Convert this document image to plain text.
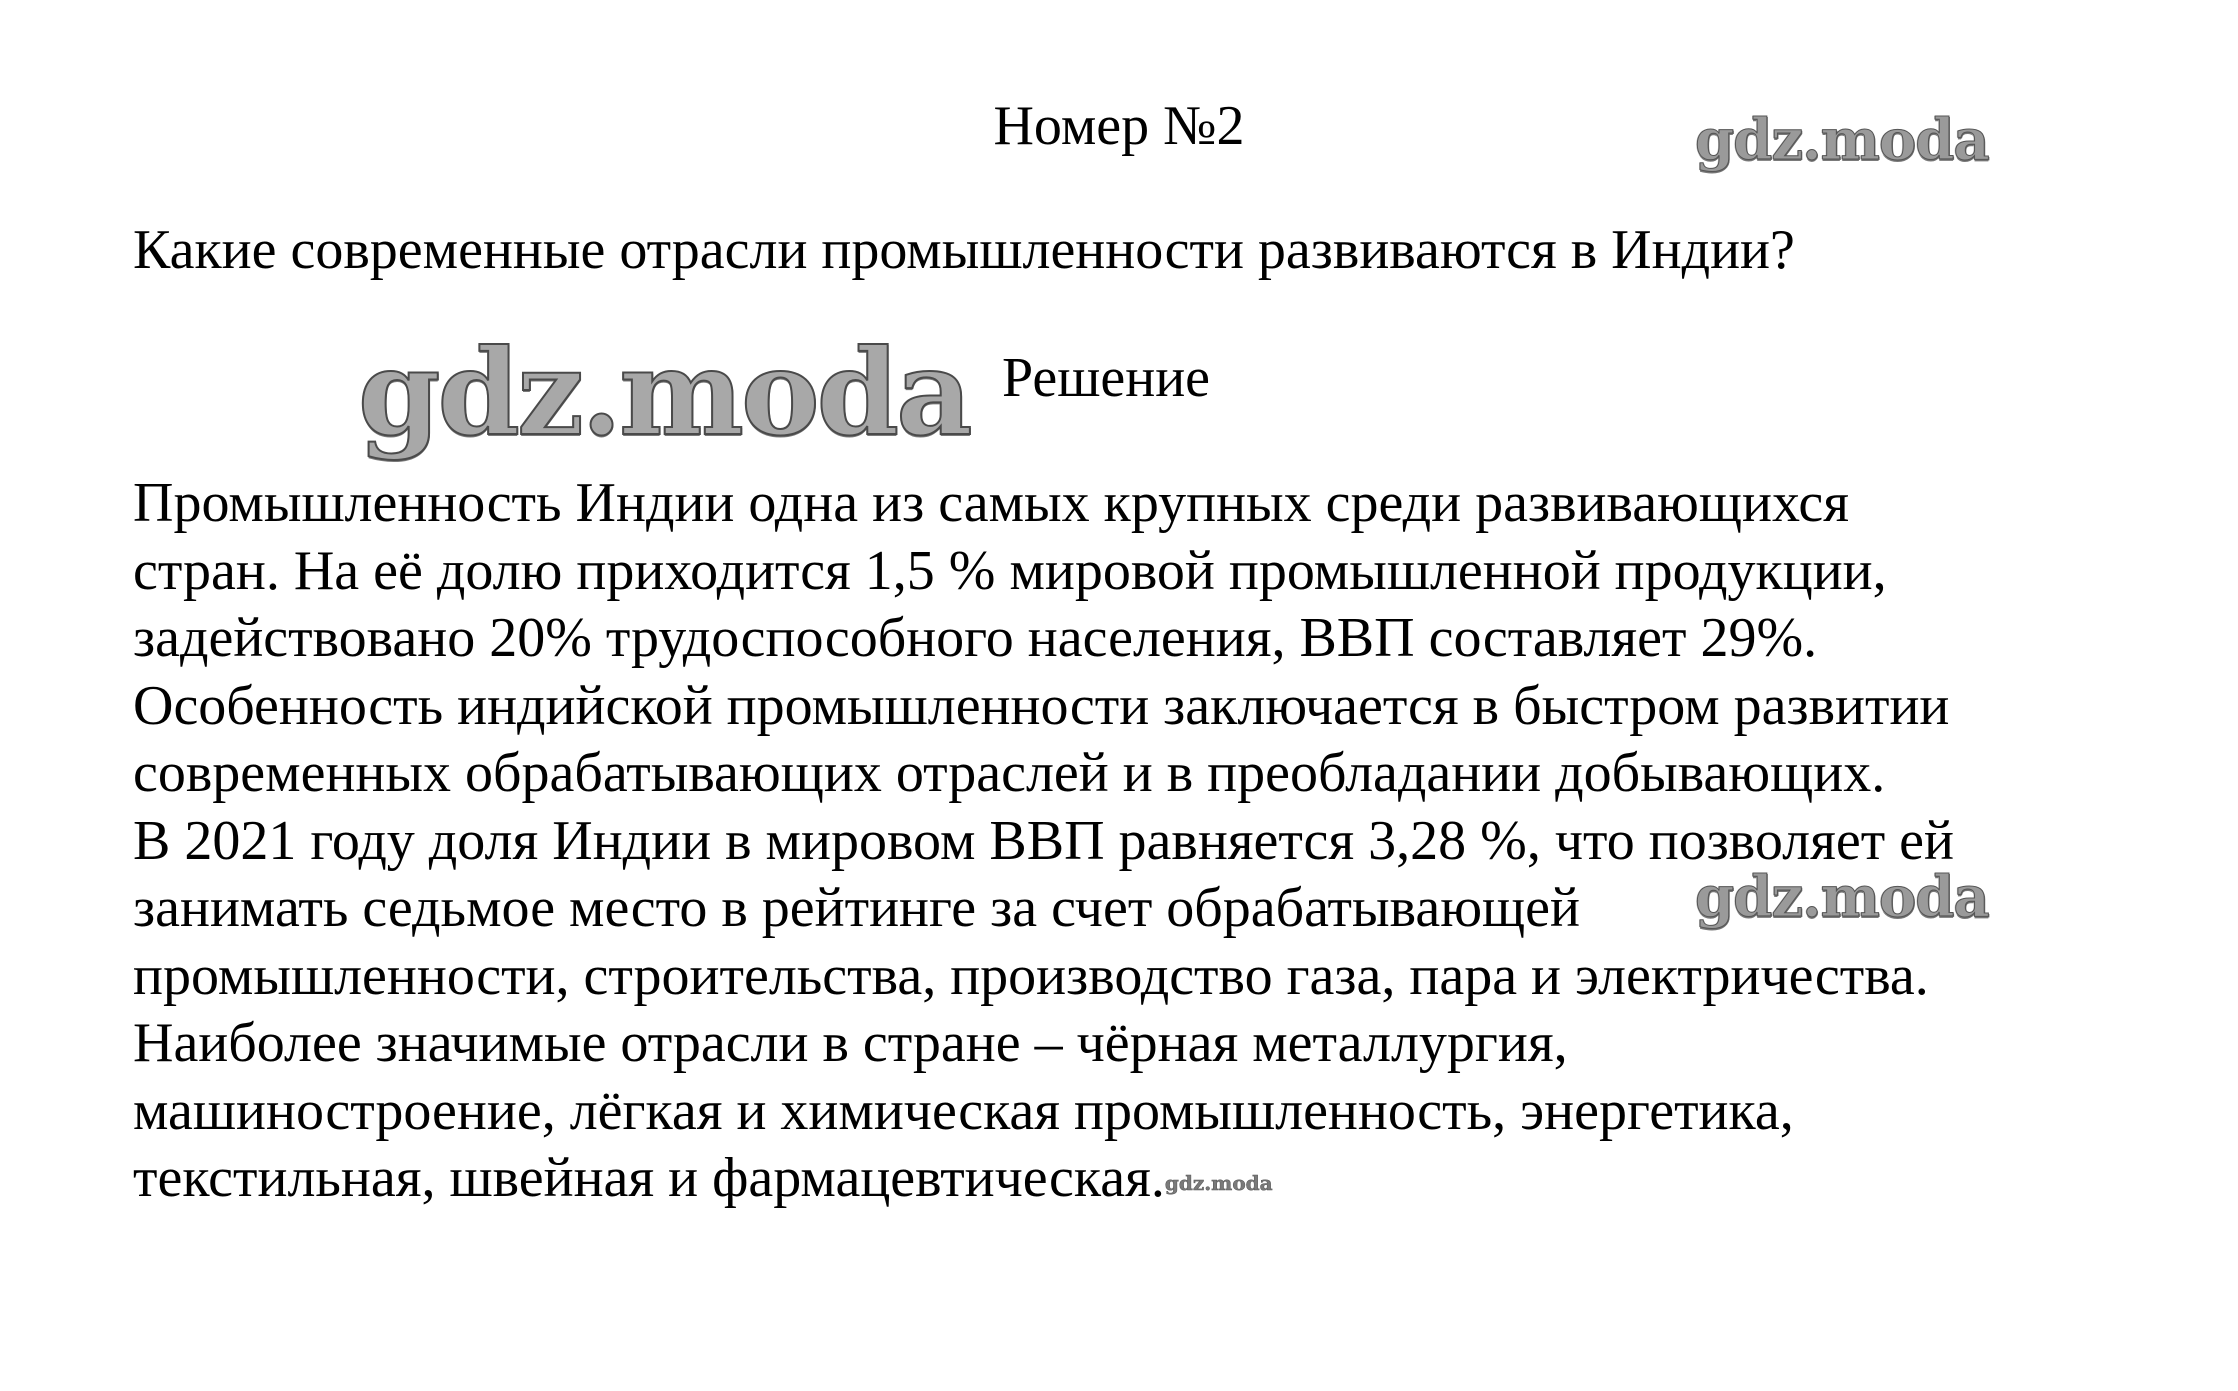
Номер №2	gdz.moda
Какие современные отрасли промышленности развиваются в Индии?
gdz.moda Решение
Промышленность Индии одна из самых крупных среди развивающихся
стран. На её долю приходится 1,5 % мировой промышленной продукции,
задействовано 20% трудоспособного населения, ВВП составляет 29%.
Особенность индийской промышленности заключается в быстром развитии
современных обрабатывающих отраслей и в преобладании добывающих.
В 2021 году доля Индии в мировом ВВП равняется 3,28 %, что позволяет ей
занимать седьмое место в рейтинге за счет обрабатывающей
промышленности, строительства, производство газа, пара и электричества.
Наиболее значимые отрасли в стране – чёрная металлургия,
машиностроение, лёгкая и химическая промышленность, энергетика,
текстильная, швейная и фармацевтическая.gdz.moda
gdz.moda
